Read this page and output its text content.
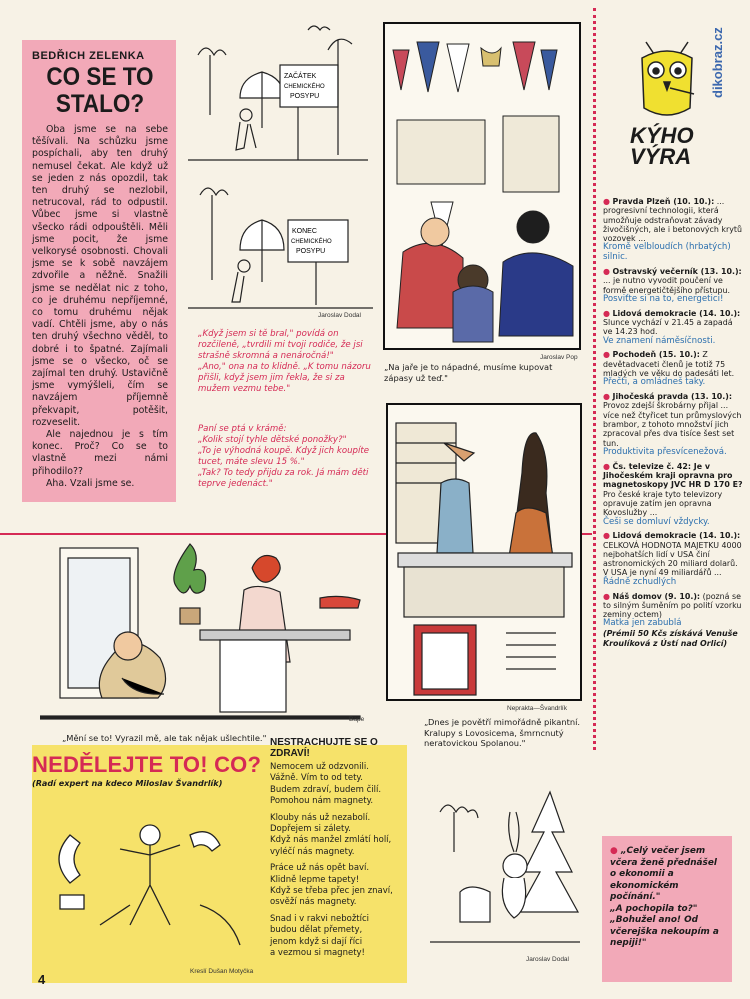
BEDŘICH ZELENKA
CO SE TO
STALO?

Oba jsme se na sebe těšívali. Na schůzku jsme pospíchali, aby ten druhý nemusel čekat. Ale když už se jeden z nás opozdil, tak ten druhý se nezlobil, netrucoval, rád to odpustil. Vůbec jsme si vlastně všecko rádi odpouštěli. Měli jsme pocit, že jsme velkorysé osobnosti. Chovali jsme se k sobě navzájem zdvořile a něžně. Snažili jsme se nedělat nic z toho, co je druhému nepříjemné, co tomu druhému nějak vadí. Chtěli jsme, aby o nás ten druhý všechno věděl, to dobré i to špatné. Zajímali jsme se o všecko, oč se zajímal ten druhý. Ustavičně jsme vymýšleli, čím se navzájem příjemně překvapit, potěšit, rozveselit.

Ale najednou je s tím konec. Proč? Co se to vlastně mezi námi přihodilo??

Aha. Vzali jsme se.

ZAČÁTEK
CHEMICKÉHO
POSYPU
KONEC
CHEMICKÉHO
POSYPU
Jaroslav Dodal
„Když jsem si tě bral," povídá on rozčileně, „tvrdili mi tvoji rodiče, že jsi strašně skromná a nenáročná!"
„Ano," ona na to klidně. „K tomu názoru přišli, když jsem jim řekla, že si za mužem vezmu tebe."
Paní se ptá v krámě:
„Kolik stojí tyhle dětské ponožky?"
„To je výhodná koupě. Když jich koupíte tucet, máte slevu 15 %."
„Tak? To tedy přijdu za rok. Já mám děti teprve jedenáct."
Jaroslav Pop
„Na jaře je to nápadné, musíme kupovat zápasy už teď."
Neprakta—Švandrlík
„Dnes je povětří mimořádně pikantní. Kralupy s Lovosicema, šmrncnutý neratovickou Spolanou."
Bape
„Mění se to! Vyrazil mě, ale tak nějak ušlechtile."
NEDĚLEJTE TO! CO?
(Radí expert na kdeco Miloslav Švandrlík)
Kreslí Dušan Motyčka
NESTRACHUJTE SE O ZDRAVÍ!
Nemocem už odzvonili.
Vážně. Vím to od tety.
Budem zdraví, budem čilí.
Pomohou nám magnety.
Klouby nás už nezabolí.
Dopřejem si zálety.
Když nás manžel zmlátí holí,
vyléčí nás magnety.
Práce už nás opět baví.
Klidně lepme tapety!
Když se třeba přec jen znaví,
osvěží nás magnety.
Snad i v rakvi nebožtíci
budou dělat přemety,
jenom když si dají říci
a vezmou si magnety!
Jaroslav Dodal
dikobraz.cz
KÝHO
VÝRA
● Pravda Plzeň (10. 10.): ... progresivní technologii, která umožňuje odstraňovat závady živočišných, ale i betonových krytů vozovek ...
Kromě velbloudích (hrbatých) silnic.
● Ostravský večerník (13. 10.): ... je nutno vyvodit poučení ve formě energetičtějšího přístupu.
Posviťte si na to, energetici!
● Lidová demokracie (14. 10.): Slunce vychází v 21.45 a zapadá ve 14.23 hod.
Ve znamení náměsíčnosti.
● Pochodeň (15. 10.): Z devětadvaceti členů je totiž 75 mladých ve věku do padesáti let.
Přečti, a omládneš taky.
● Jihočeská pravda (13. 10.): Provoz zdejší škrobárny přijal ... více než čtyřicet tun průmyslových brambor, z tohoto množství jich zpracoval přes dva tisíce šest set tun.
Produktivita přesvícenežová.
● Čs. televize č. 42: Je v Jihočeském kraji opravna pro magnetoskopy JVC HR D 170 E? Pro české kraje tyto televizory opravuje zatím jen opravna Kovoslužby ...
Češi se domluví vždycky.
● Lidová demokracie (14. 10.): CELKOVÁ HODNOTA MAJETKU 4000 nejbohatších lidí v USA činí astronomických 20 miliard dolarů. V USA je nyní 49 miliardářů ...
Řádně zchudlých
● Náš domov (9. 10.): (pozná se to silným šuměním po polití vzorku zeminy octem)
Matka jen zabublá
(Prémii 50 Kčs získává Venuše Kroulíková z Ústí nad Orlicí)
● „Celý večer jsem včera ženě přednášel o ekonomii a ekonomickém počínání."
„A pochopila to?"
„Bohužel ano! Od včerejška nekoupím a nepiji!"
4
